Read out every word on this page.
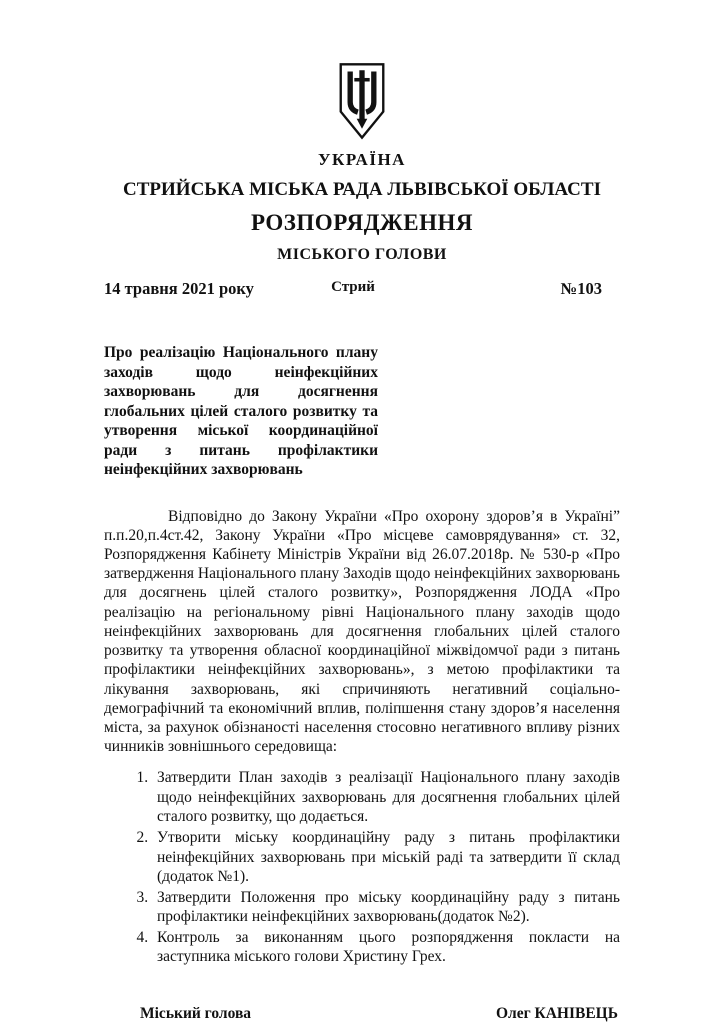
УКРАЇНА
СТРИЙСЬКА МІСЬКА РАДА ЛЬВІВСЬКОЇ ОБЛАСТІ
РОЗПОРЯДЖЕННЯ
МІСЬКОГО ГОЛОВИ
14 травня 2021 року	Стрий	№103
Про реалізацію Національного плану заходів щодо неінфекційних захворювань для досягнення глобальних цілей сталого розвитку та утворення міської координаційної ради з питань профілактики неінфекційних захворювань

Відповідно до Закону України «Про охорону здоров’я в Україні” п.п.20,п.4ст.42, Закону України «Про місцеве самоврядування» ст. 32, Розпорядження Кабінету Міністрів України від 26.07.2018р. № 530-р «Про затвердження Національного плану Заходів щодо неінфекційних захворювань для досягнень цілей сталого розвитку», Розпорядження ЛОДА «Про реалізацію на регіональному рівні Національного плану заходів щодо неінфекційних захворювань для досягнення глобальних цілей сталого розвитку та утворення обласної координаційної міжвідомчої ради з питань профілактики неінфекційних захворювань», з метою профілактики та лікування захворювань, які спричиняють негативний соціально-демографічний та економічний вплив, поліпшення стану здоров’я населення міста, за рахунок обізнаності населення стосовно негативного впливу різних чинників зовнішнього середовища:

1. Затвердити План заходів з реалізації Національного плану заходів щодо неінфекційних захворювань для досягнення глобальних цілей сталого розвитку, що додається.
2. Утворити міську координаційну раду з питань профілактики неінфекційних захворювань при міській раді та затвердити її склад (додаток №1).
3. Затвердити Положення про міську координаційну раду з питань профілактики неінфекційних захворювань(додаток №2).
4. Контроль за виконанням цього розпорядження покласти на заступника міського голови Христину Грех.
Міський голова	Олег КАНІВЕЦЬ
